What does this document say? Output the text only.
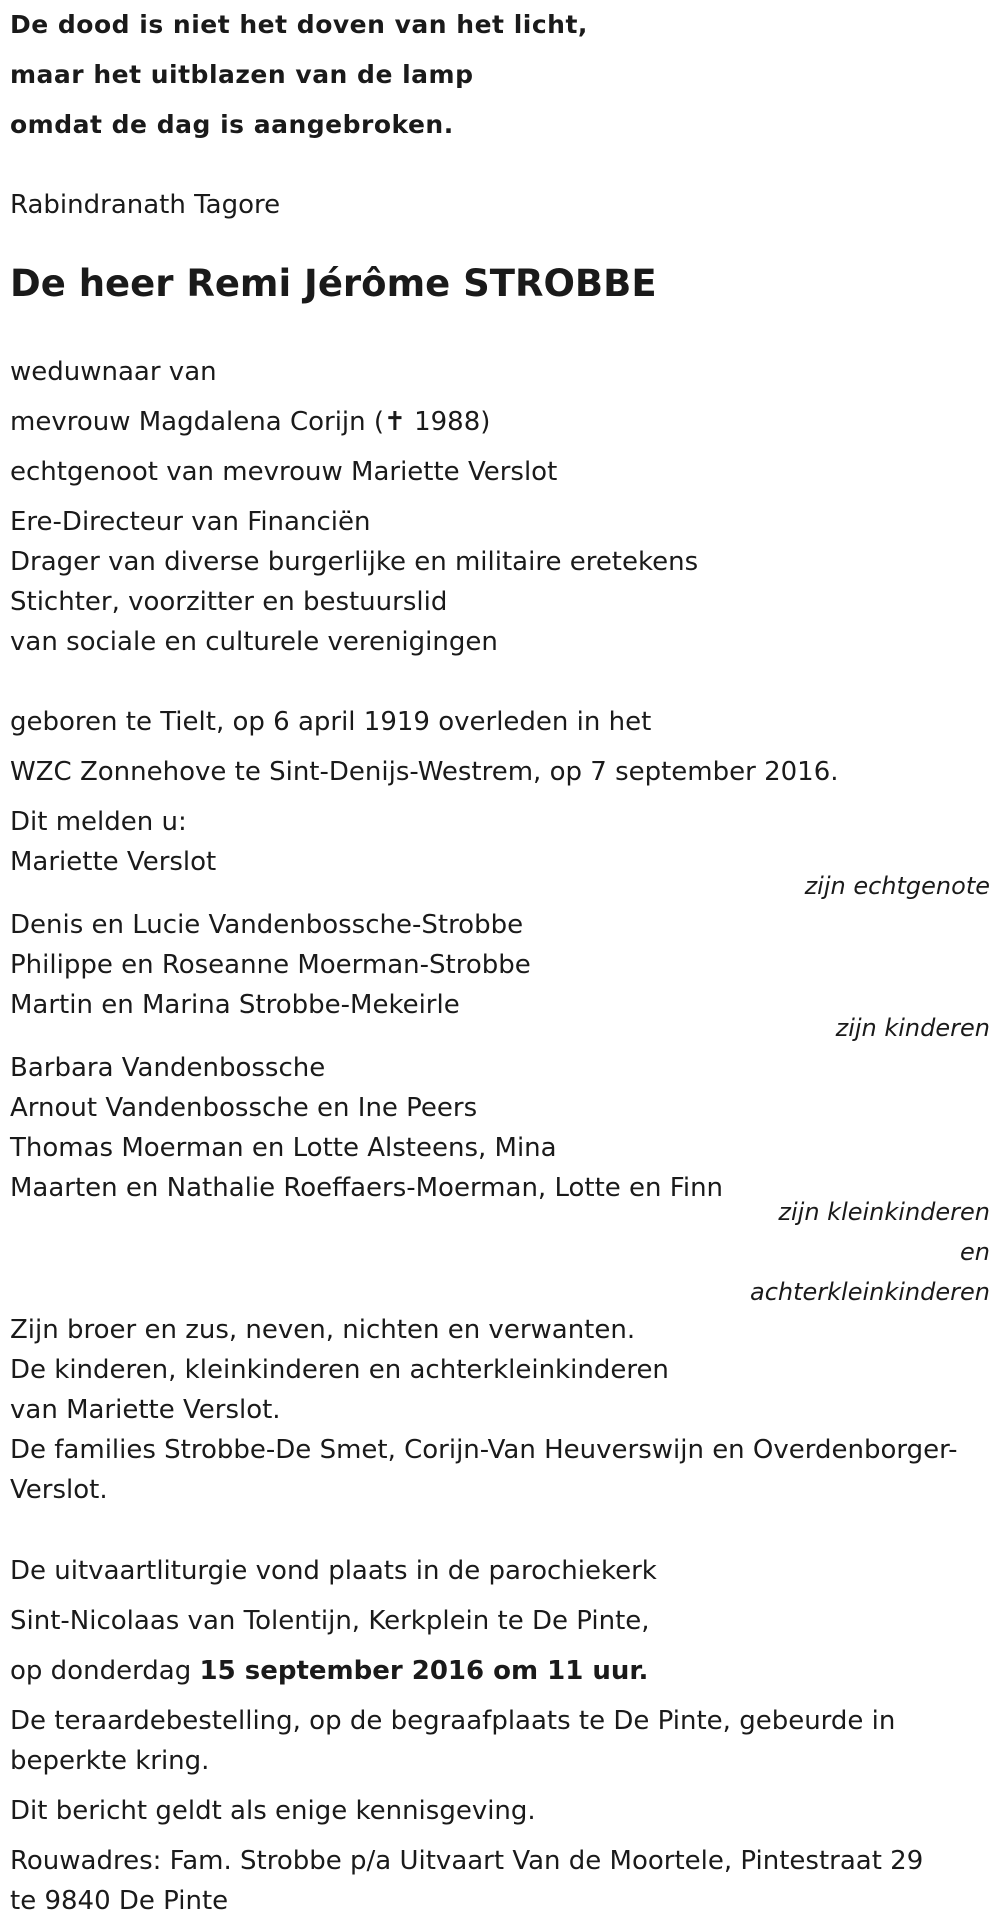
De dood is niet het doven van het licht,
maar het uitblazen van de lamp
omdat de dag is aangebroken.
Rabindranath Tagore
De heer Remi Jérôme STROBBE
weduwnaar van
mevrouw Magdalena Corijn (✝ 1988)
echtgenoot van mevrouw Mariette Verslot
Ere-Directeur van Financiën
Drager van diverse burgerlijke en militaire eretekens
Stichter, voorzitter en bestuurslid
van sociale en culturele verenigingen
geboren te Tielt, op 6 april 1919 overleden in het
WZC Zonnehove te Sint-Denijs-Westrem, op 7 september 2016.
Dit melden u:
Mariette Verslot
zijn echtgenote
Denis en Lucie Vandenbossche-Strobbe
Philippe en Roseanne Moerman-Strobbe
Martin en Marina Strobbe-Mekeirle
zijn kinderen
Barbara Vandenbossche
Arnout Vandenbossche en Ine Peers
Thomas Moerman en Lotte Alsteens, Mina
Maarten en Nathalie Roeffaers-Moerman, Lotte en Finn
zijn kleinkinderen
en
achterkleinkinderen
Zijn broer en zus, neven, nichten en verwanten.
De kinderen, kleinkinderen en achterkleinkinderen
van Mariette Verslot.
De families Strobbe-De Smet, Corijn-Van Heuverswijn en Overdenborger-
Verslot.
De uitvaartliturgie vond plaats in de parochiekerk
Sint-Nicolaas van Tolentijn, Kerkplein te De Pinte,
op donderdag 15 september 2016 om 11 uur.
De teraardebestelling, op de begraafplaats te De Pinte, gebeurde in
beperkte kring.
Dit bericht geldt als enige kennisgeving.
Rouwadres: Fam. Strobbe p/a Uitvaart Van de Moortele, Pintestraat 29
te 9840 De Pinte
